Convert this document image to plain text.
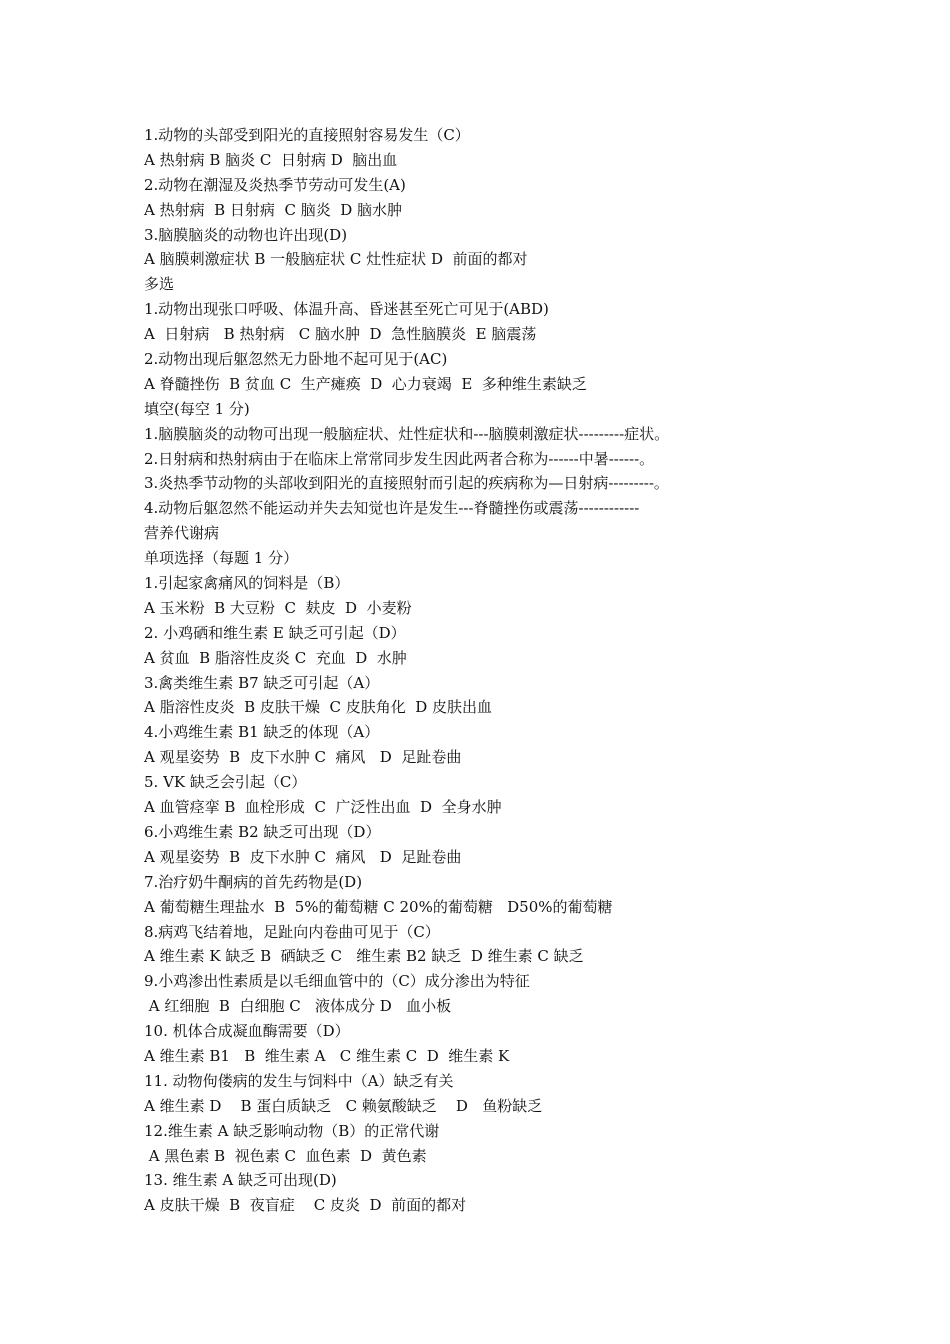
1.动物的头部受到阳光的直接照射容易发生（C）
A 热射病 B 脑炎 C  日射病 D  脑出血
2.动物在潮湿及炎热季节劳动可发生(A)
A 热射病  B 日射病  C 脑炎  D 脑水肿
3.脑膜脑炎的动物也许出现(D)
A 脑膜刺激症状 B 一般脑症状 C 灶性症状 D  前面的都对
多选
1.动物出现张口呼吸、体温升高、昏迷甚至死亡可见于(ABD)
A  日射病   B 热射病   C 脑水肿  D  急性脑膜炎  E 脑震荡
2.动物出现后躯忽然无力卧地不起可见于(AC)
A 脊髓挫伤  B 贫血 C  生产瘫痪  D  心力衰竭  E  多种维生素缺乏
填空(每空 1 分)
1.脑膜脑炎的动物可出现一般脑症状、灶性症状和---脑膜刺激症状---------症状。
2.日射病和热射病由于在临床上常常同步发生因此两者合称为------中暑------。
3.炎热季节动物的头部收到阳光的直接照射而引起的疾病称为—日射病---------。
4.动物后躯忽然不能运动并失去知觉也许是发生---脊髓挫伤或震荡------------
营养代谢病
单项选择（每题 1 分）
1.引起家禽痛风的饲料是（B）
A 玉米粉  B 大豆粉  C  麸皮  D  小麦粉
2. 小鸡硒和维生素 E 缺乏可引起（D）
A 贫血  B 脂溶性皮炎 C  充血  D  水肿
3.禽类维生素 B7 缺乏可引起（A）
A 脂溶性皮炎  B 皮肤干燥  C 皮肤角化  D 皮肤出血
4.小鸡维生素 B1 缺乏的体现（A）
A 观星姿势  B  皮下水肿 C  痛风   D  足趾卷曲
5. VK 缺乏会引起（C）
A 血管痉挛 B  血栓形成  C  广泛性出血  D  全身水肿
6.小鸡维生素 B2 缺乏可出现（D）
A 观星姿势  B  皮下水肿 C  痛风   D  足趾卷曲
7.治疗奶牛酮病的首先药物是(D)
A 葡萄糖生理盐水  B  5%的葡萄糖 C 20%的葡萄糖   D50%的葡萄糖
8.病鸡飞结着地，足趾向内卷曲可见于（C）
A 维生素 K 缺乏 B  硒缺乏 C   维生素 B2 缺乏  D 维生素 C 缺乏
9.小鸡渗出性素质是以毛细血管中的（C）成分渗出为特征
A 红细胞  B  白细胞 C   液体成分 D   血小板
10. 机体合成凝血酶需要（D）
A 维生素 B1   B  维生素 A   C 维生素 C  D  维生素 K
11. 动物佝偻病的发生与饲料中（A）缺乏有关
A 维生素 D    B 蛋白质缺乏   C 赖氨酸缺乏    D   鱼粉缺乏
12.维生素 A 缺乏影响动物（B）的正常代谢
A 黑色素 B  视色素 C  血色素  D  黄色素
13. 维生素 A 缺乏可出现(D)
A 皮肤干燥  B  夜盲症    C 皮炎  D  前面的都对
